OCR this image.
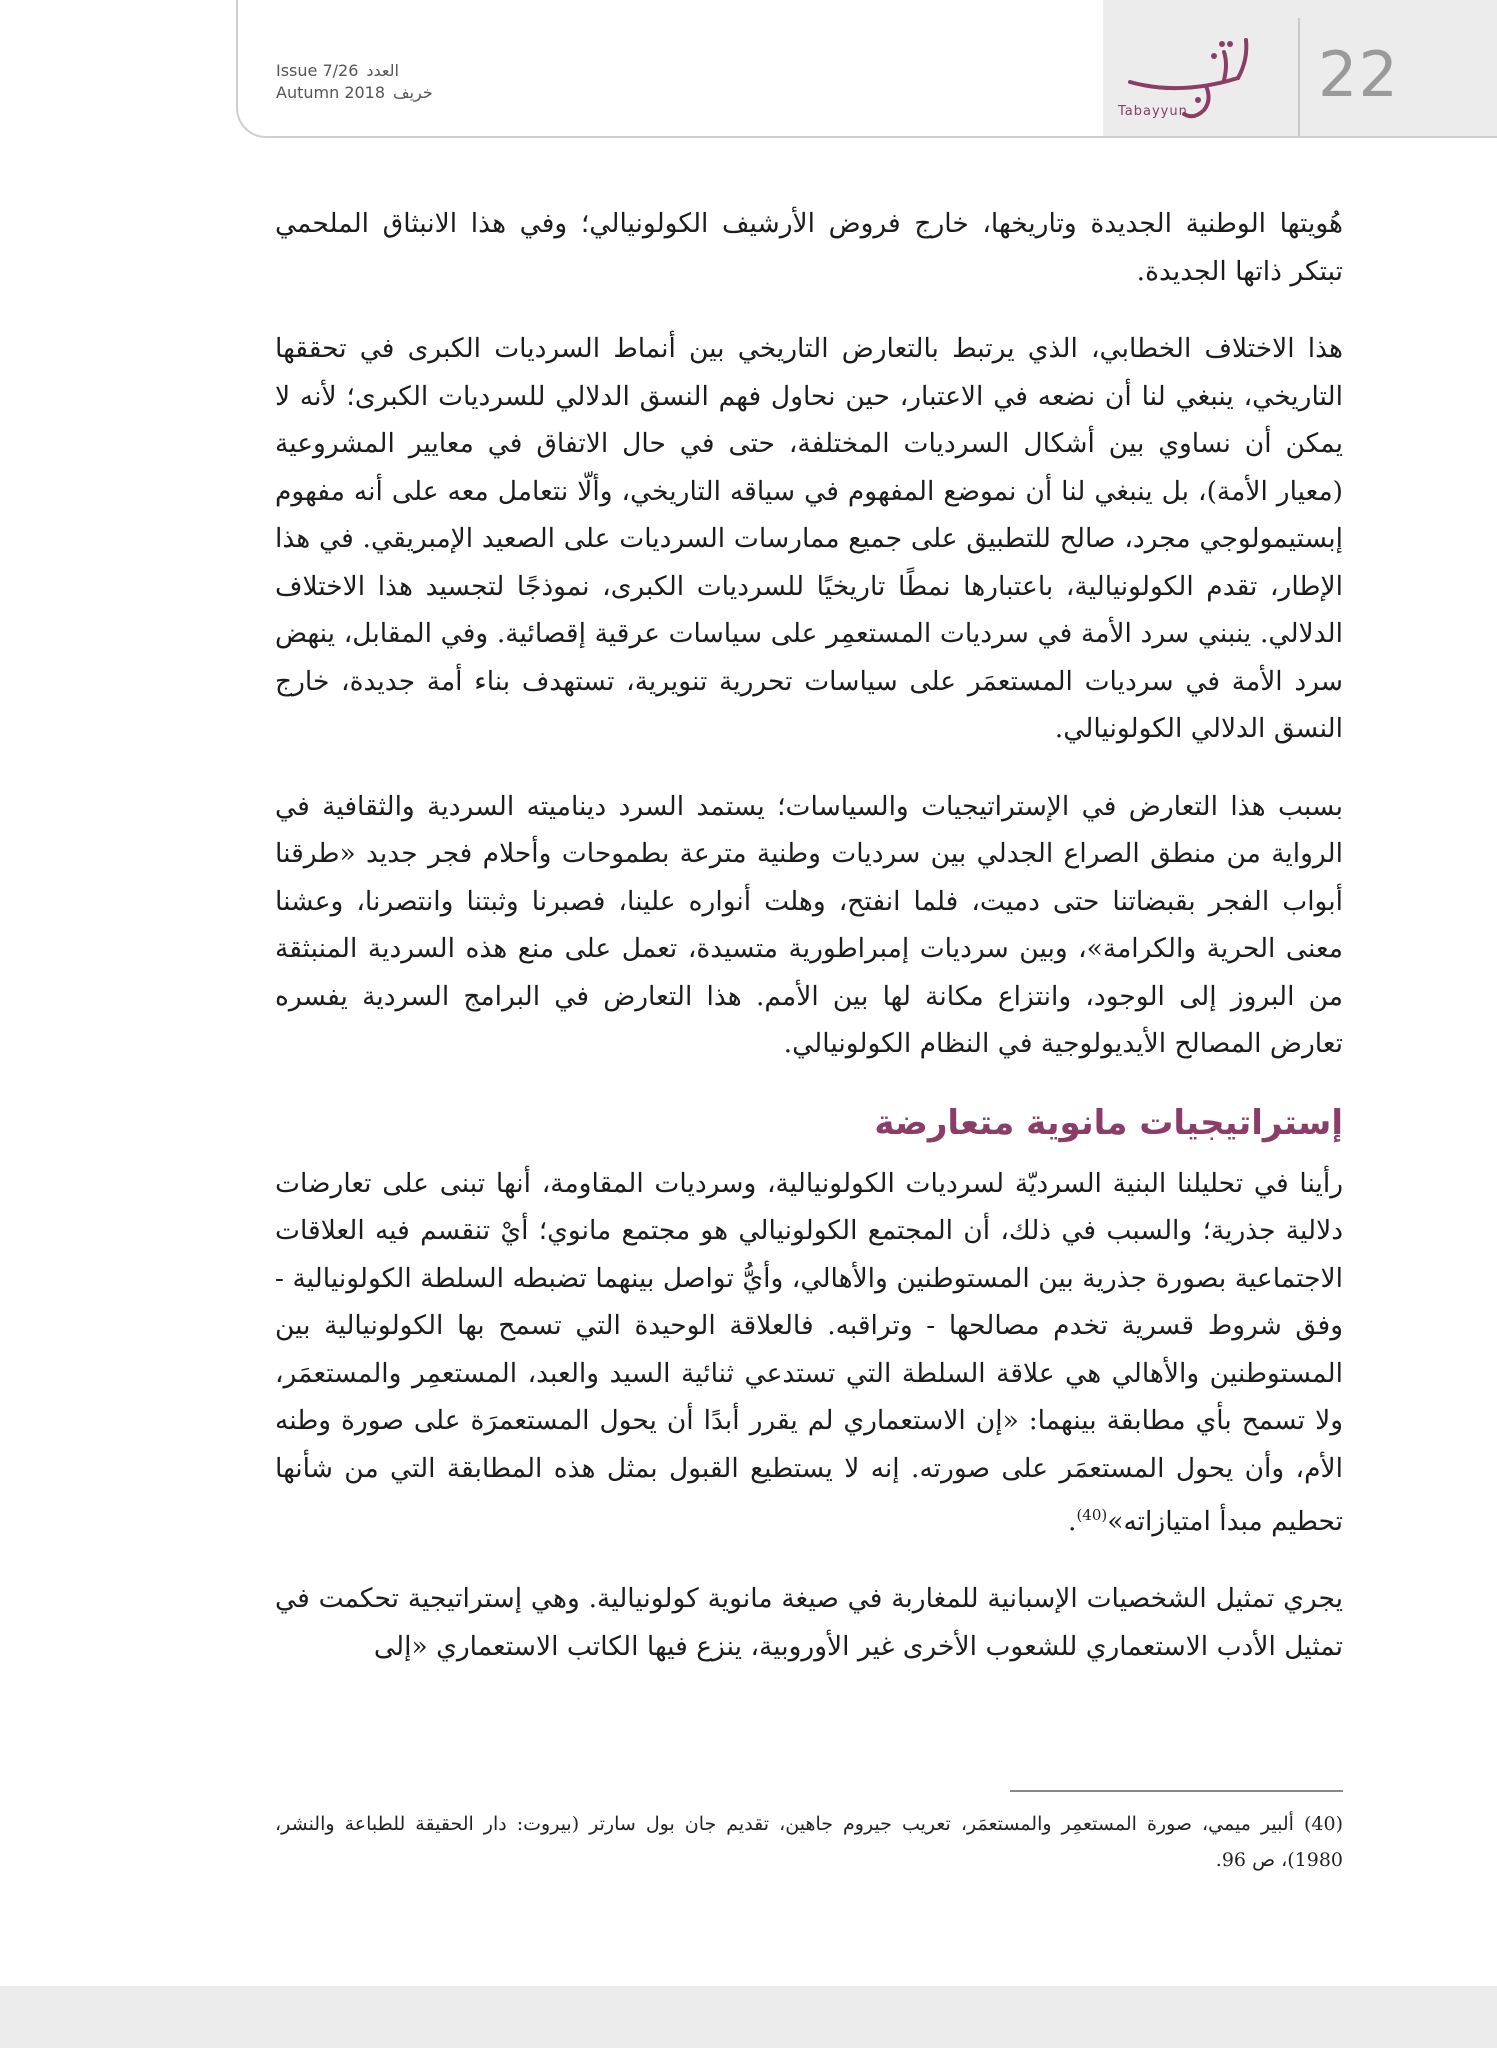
Issue 7/26 العدد
Autumn 2018 خريف
Tabayyun
22

هُويتها الوطنية الجديدة وتاريخها، خارج فروض الأرشيف الكولونيالي؛ وفي هذا الانبثاق الملحمي تبتكر ذاتها الجديدة.

هذا الاختلاف الخطابي، الذي يرتبط بالتعارض التاريخي بين أنماط السرديات الكبرى في تحققها التاريخي، ينبغي لنا أن نضعه في الاعتبار، حين نحاول فهم النسق الدلالي للسرديات الكبرى؛ لأنه لا يمكن أن نساوي بين أشكال السرديات المختلفة، حتى في حال الاتفاق في معايير المشروعية (معيار الأمة)، بل ينبغي لنا أن نموضع المفهوم في سياقه التاريخي، وألّا نتعامل معه على أنه مفهوم إبستيمولوجي مجرد، صالح للتطبيق على جميع ممارسات السرديات على الصعيد الإمبريقي. في هذا الإطار، تقدم الكولونيالية، باعتبارها نمطًا تاريخيًا للسرديات الكبرى، نموذجًا لتجسيد هذا الاختلاف الدلالي. ينبني سرد الأمة في سرديات المستعمِر على سياسات عرقية إقصائية. وفي المقابل، ينهض سرد الأمة في سرديات المستعمَر على سياسات تحررية تنويرية، تستهدف بناء أمة جديدة، خارج النسق الدلالي الكولونيالي.

بسبب هذا التعارض في الإستراتيجيات والسياسات؛ يستمد السرد ديناميته السردية والثقافية في الرواية من منطق الصراع الجدلي بين سرديات وطنية مترعة بطموحات وأحلام فجر جديد «طرقنا أبواب الفجر بقبضاتنا حتى دميت، فلما انفتح، وهلت أنواره علينا، فصبرنا وثبتنا وانتصرنا، وعشنا معنى الحرية والكرامة»، وبين سرديات إمبراطورية متسيدة، تعمل على منع هذه السردية المنبثقة من البروز إلى الوجود، وانتزاع مكانة لها بين الأمم. هذا التعارض في البرامج السردية يفسره تعارض المصالح الأيديولوجية في النظام الكولونيالي.

إستراتيجيات مانوية متعارضة

رأينا في تحليلنا البنية السرديّة لسرديات الكولونيالية، وسرديات المقاومة، أنها تبنى على تعارضات دلالية جذرية؛ والسبب في ذلك، أن المجتمع الكولونيالي هو مجتمع مانوي؛ أيْ تنقسم فيه العلاقات الاجتماعية بصورة جذرية بين المستوطنين والأهالي، وأيُّ تواصل بينهما تضبطه السلطة الكولونيالية - وفق شروط قسرية تخدم مصالحها - وتراقبه. فالعلاقة الوحيدة التي تسمح بها الكولونيالية بين المستوطنين والأهالي هي علاقة السلطة التي تستدعي ثنائية السيد والعبد، المستعمِر والمستعمَر، ولا تسمح بأي مطابقة بينهما: «إن الاستعماري لم يقرر أبدًا أن يحول المستعمرَة على صورة وطنه الأم، وأن يحول المستعمَر على صورته. إنه لا يستطيع القبول بمثل هذه المطابقة التي من شأنها تحطيم مبدأ امتيازاته»$^{(40)}$.

يجري تمثيل الشخصيات الإسبانية للمغاربة في صيغة مانوية كولونيالية. وهي إستراتيجية تحكمت في تمثيل الأدب الاستعماري للشعوب الأخرى غير الأوروبية، ينزع فيها الكاتب الاستعماري «إلى

(40) ألبير ميمي، صورة المستعمِر والمستعمَر، تعريب جيروم جاهين، تقديم جان بول سارتر (بيروت: دار الحقيقة للطباعة والنشر، 1980)، ص 96.
